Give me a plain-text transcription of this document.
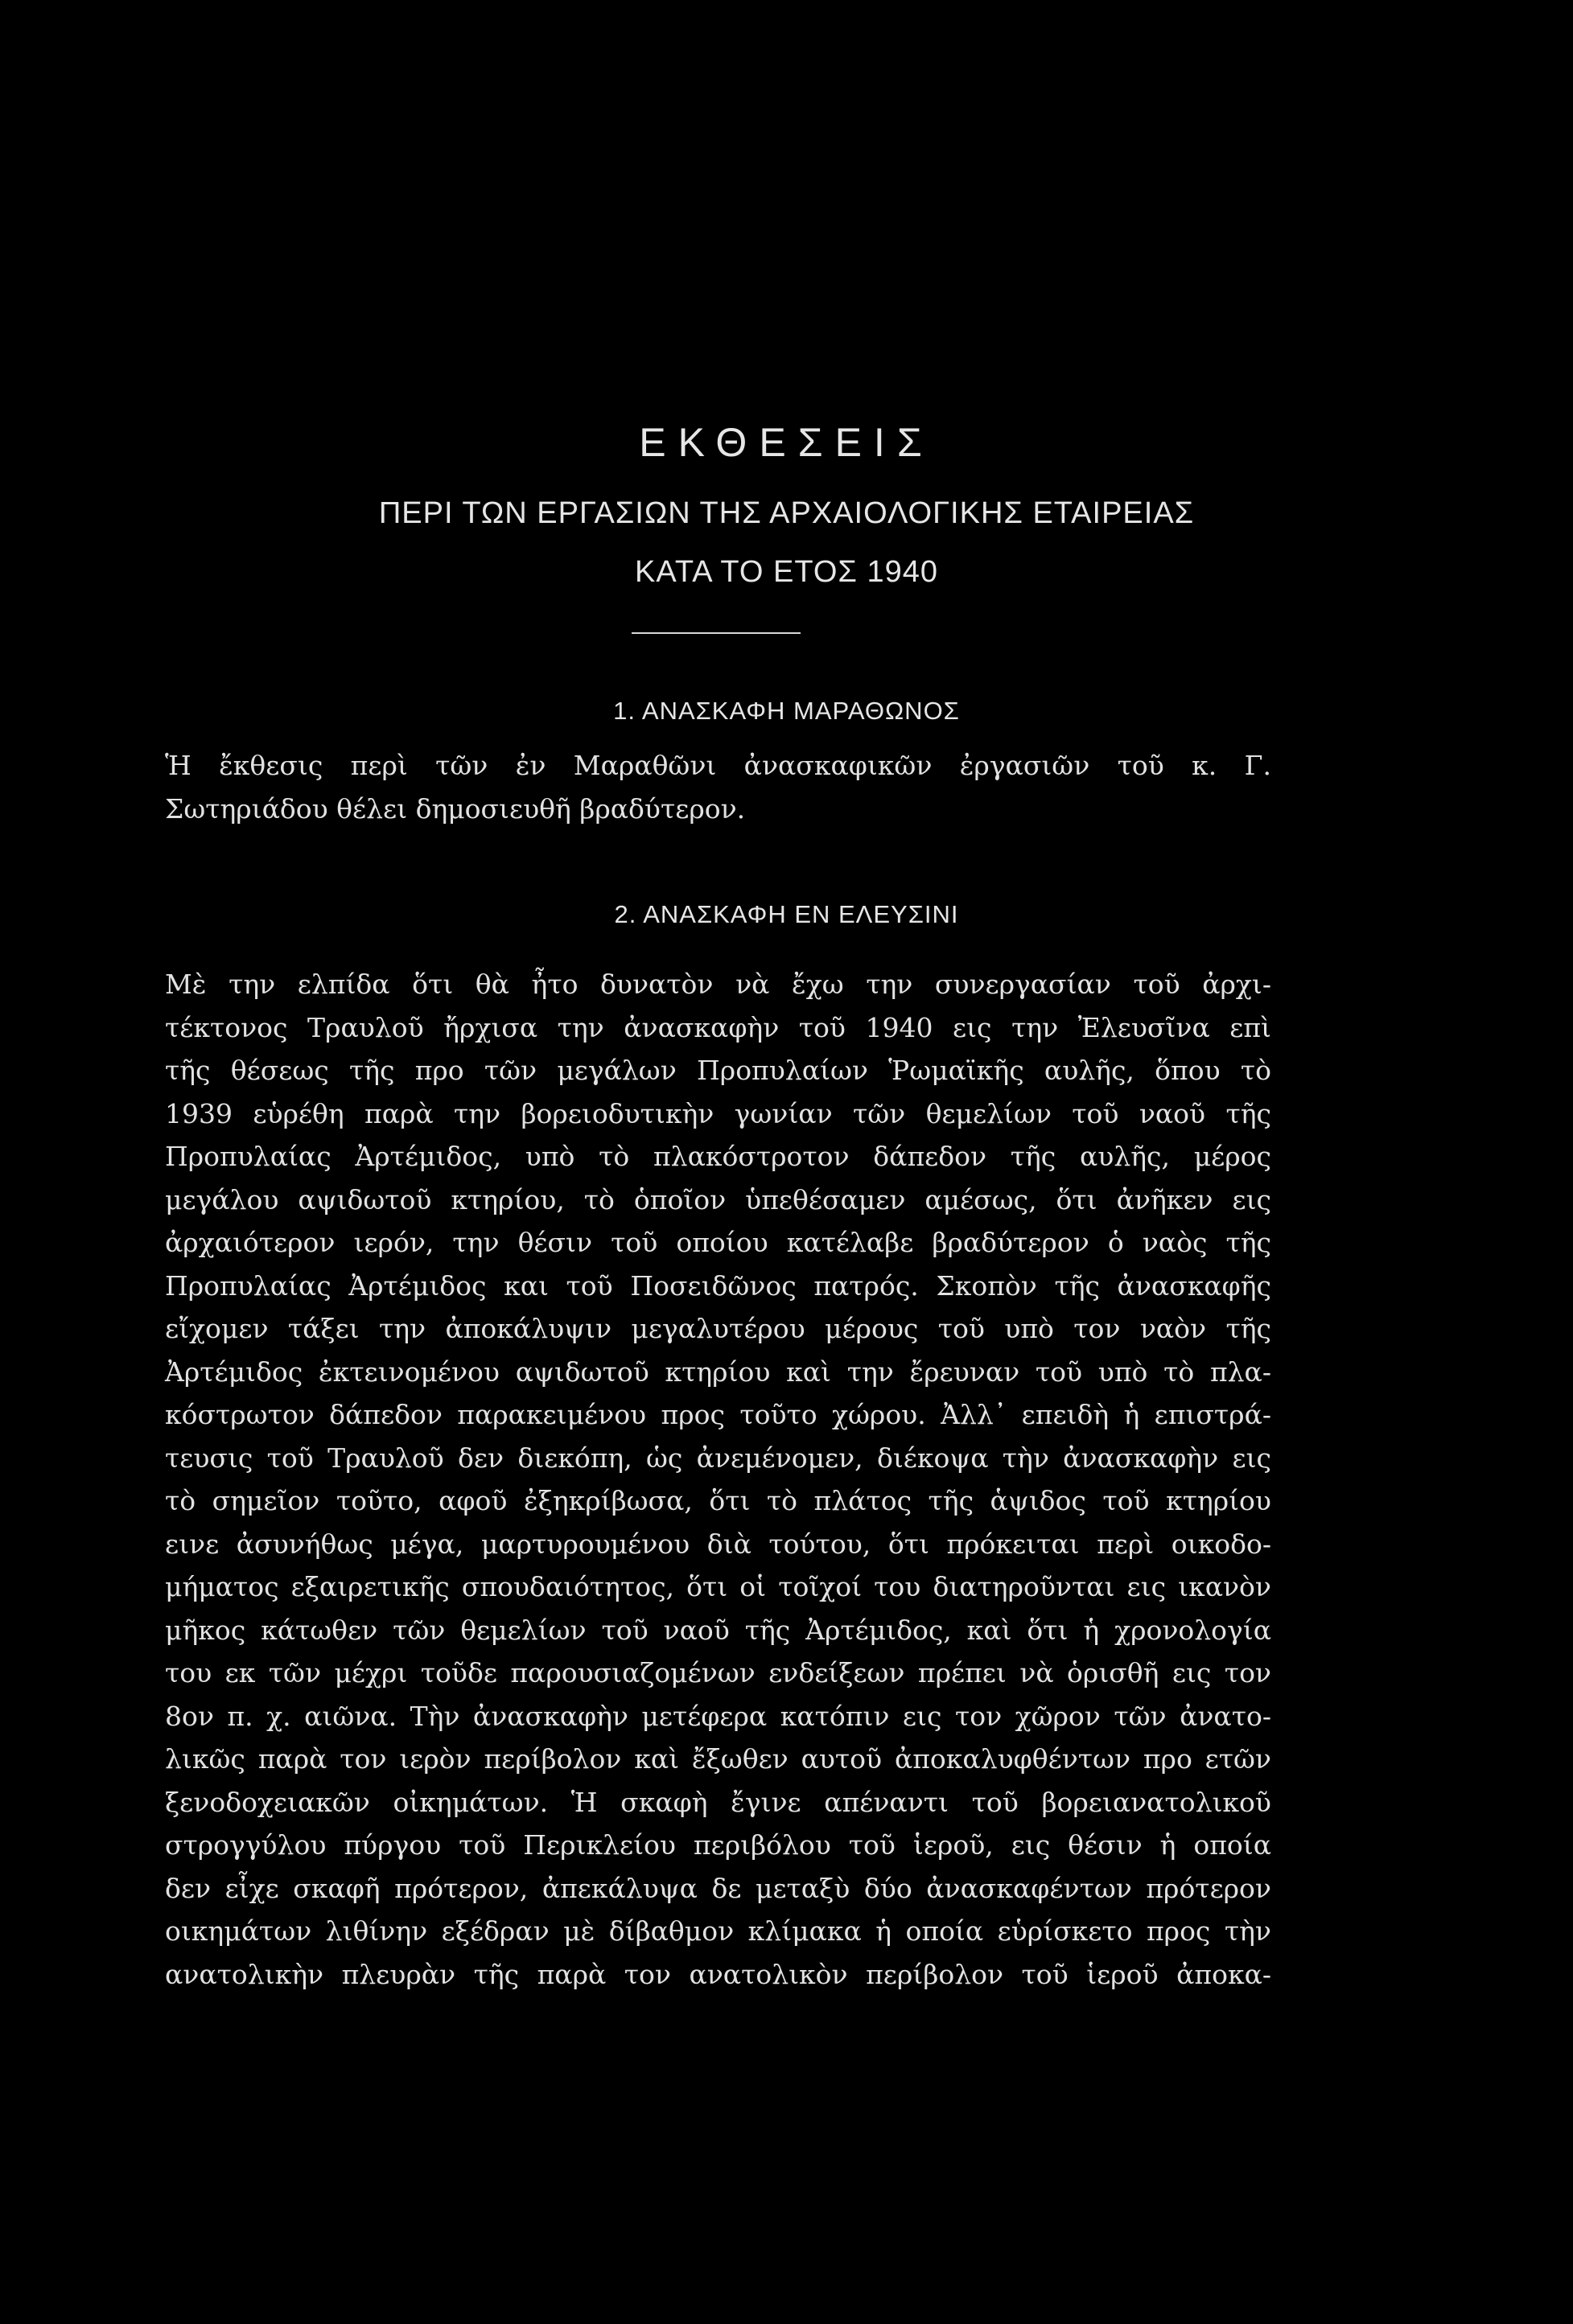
ΕΚΘΕΣΕΙΣ
ΠΕΡΙ ΤΩΝ ΕΡΓΑΣΙΩΝ ΤΗΣ ΑΡΧΑΙΟΛΟΓΙΚΗΣ ΕΤΑΙΡΕΙΑΣ
ΚΑΤΑ ΤΟ ΕΤΟΣ 1940
1. ΑΝΑΣΚΑΦΗ ΜΑΡΑΘΩΝΟΣ
Ἡ ἔκθεσις περὶ τῶν ἐν Μαραθῶνι ἀνασκαφικῶν ἐργασιῶν τοῦ κ. Γ.
Σωτηριάδου θέλει δημοσιευθῆ βραδύτερον.
2. ΑΝΑΣΚΑΦΗ ΕΝ ΕΛΕΥΣΙΝΙ
Μὲ την ελπίδα ὅτι θὰ ἦτο δυνατὸν νὰ ἔχω την συνεργασίαν τοῦ ἀρχι-
τέκτονος Τραυλοῦ ἤρχισα την ἀνασκαφὴν τοῦ 1940 εις την Ἐλευσῖνα επὶ
τῆς θέσεως τῆς προ τῶν μεγάλων Προπυλαίων Ῥωμαϊκῆς αυλῆς, ὅπου τὸ
1939 εὑρέθη παρὰ την βορειοδυτικὴν γωνίαν τῶν θεμελίων τοῦ ναοῦ τῆς
Προπυλαίας Ἀρτέμιδος, υπὸ τὸ πλακόστροτον δάπεδον τῆς αυλῆς, μέρος
μεγάλου αψιδωτοῦ κτηρίου, τὸ ὁποῖον ὑπεθέσαμεν αμέσως, ὅτι ἀνῆκεν εις
ἀρχαιότερον ιερόν, την θέσιν τοῦ οποίου κατέλαβε βραδύτερον ὁ ναὸς τῆς
Προπυλαίας Ἀρτέμιδος και τοῦ Ποσειδῶνος πατρός. Σκοπὸν τῆς ἀνασκαφῆς
εἴχομεν τάξει την ἀποκάλυψιν μεγαλυτέρου μέρους τοῦ υπὸ τον ναὸν τῆς
Ἀρτέμιδος ἐκτεινομένου αψιδωτοῦ κτηρίου καὶ την ἔρευναν τοῦ υπὸ τὸ πλα-
κόστρωτον δάπεδον παρακειμένου προς τοῦτο χώρου. Ἀλλ᾿ επειδὴ ἡ επιστρά-
τευσις τοῦ Τραυλοῦ δεν διεκόπη, ὡς ἀνεμένομεν, διέκοψα τὴν ἀνασκαφὴν εις
τὸ σημεῖον τοῦτο, αφοῦ ἐξηκρίβωσα, ὅτι τὸ πλάτος τῆς ἁψιδος τοῦ κτηρίου
εινε ἀσυνήθως μέγα, μαρτυρουμένου διὰ τούτου, ὅτι πρόκειται περὶ οικοδο-
μήματος εξαιρετικῆς σπουδαιότητος, ὅτι οἱ τοῖχοί του διατηροῦνται εις ικανὸν
μῆκος κάτωθεν τῶν θεμελίων τοῦ ναοῦ τῆς Ἀρτέμιδος, καὶ ὅτι ἡ χρονολογία
του εκ τῶν μέχρι τοῦδε παρουσιαζομένων ενδείξεων πρέπει νὰ ὁρισθῆ εις τον
8ον π. χ. αιῶνα. Τὴν ἀνασκαφὴν μετέφερα κατόπιν εις τον χῶρον τῶν ἀνατο-
λικῶς παρὰ τον ιερὸν περίβολον καὶ ἔξωθεν αυτοῦ ἀποκαλυφθέντων προ ετῶν
ξενοδοχειακῶν οἰκημάτων. Ἡ σκαφὴ ἔγινε απέναντι τοῦ βορειανατολικοῦ
στρογγύλου πύργου τοῦ Περικλείου περιβόλου τοῦ ἱεροῦ, εις θέσιν ἡ οποία
δεν εἶχε σκαφῆ πρότερον, ἀπεκάλυψα δε μεταξὺ δύο ἀνασκαφέντων πρότερον
οικημάτων λιθίνην εξέδραν μὲ δίβαθμον κλίμακα ἡ οποία εὑρίσκετο προς τὴν
ανατολικὴν πλευρὰν τῆς παρὰ τον ανατολικὸν περίβολον τοῦ ἱεροῦ ἀποκα-
